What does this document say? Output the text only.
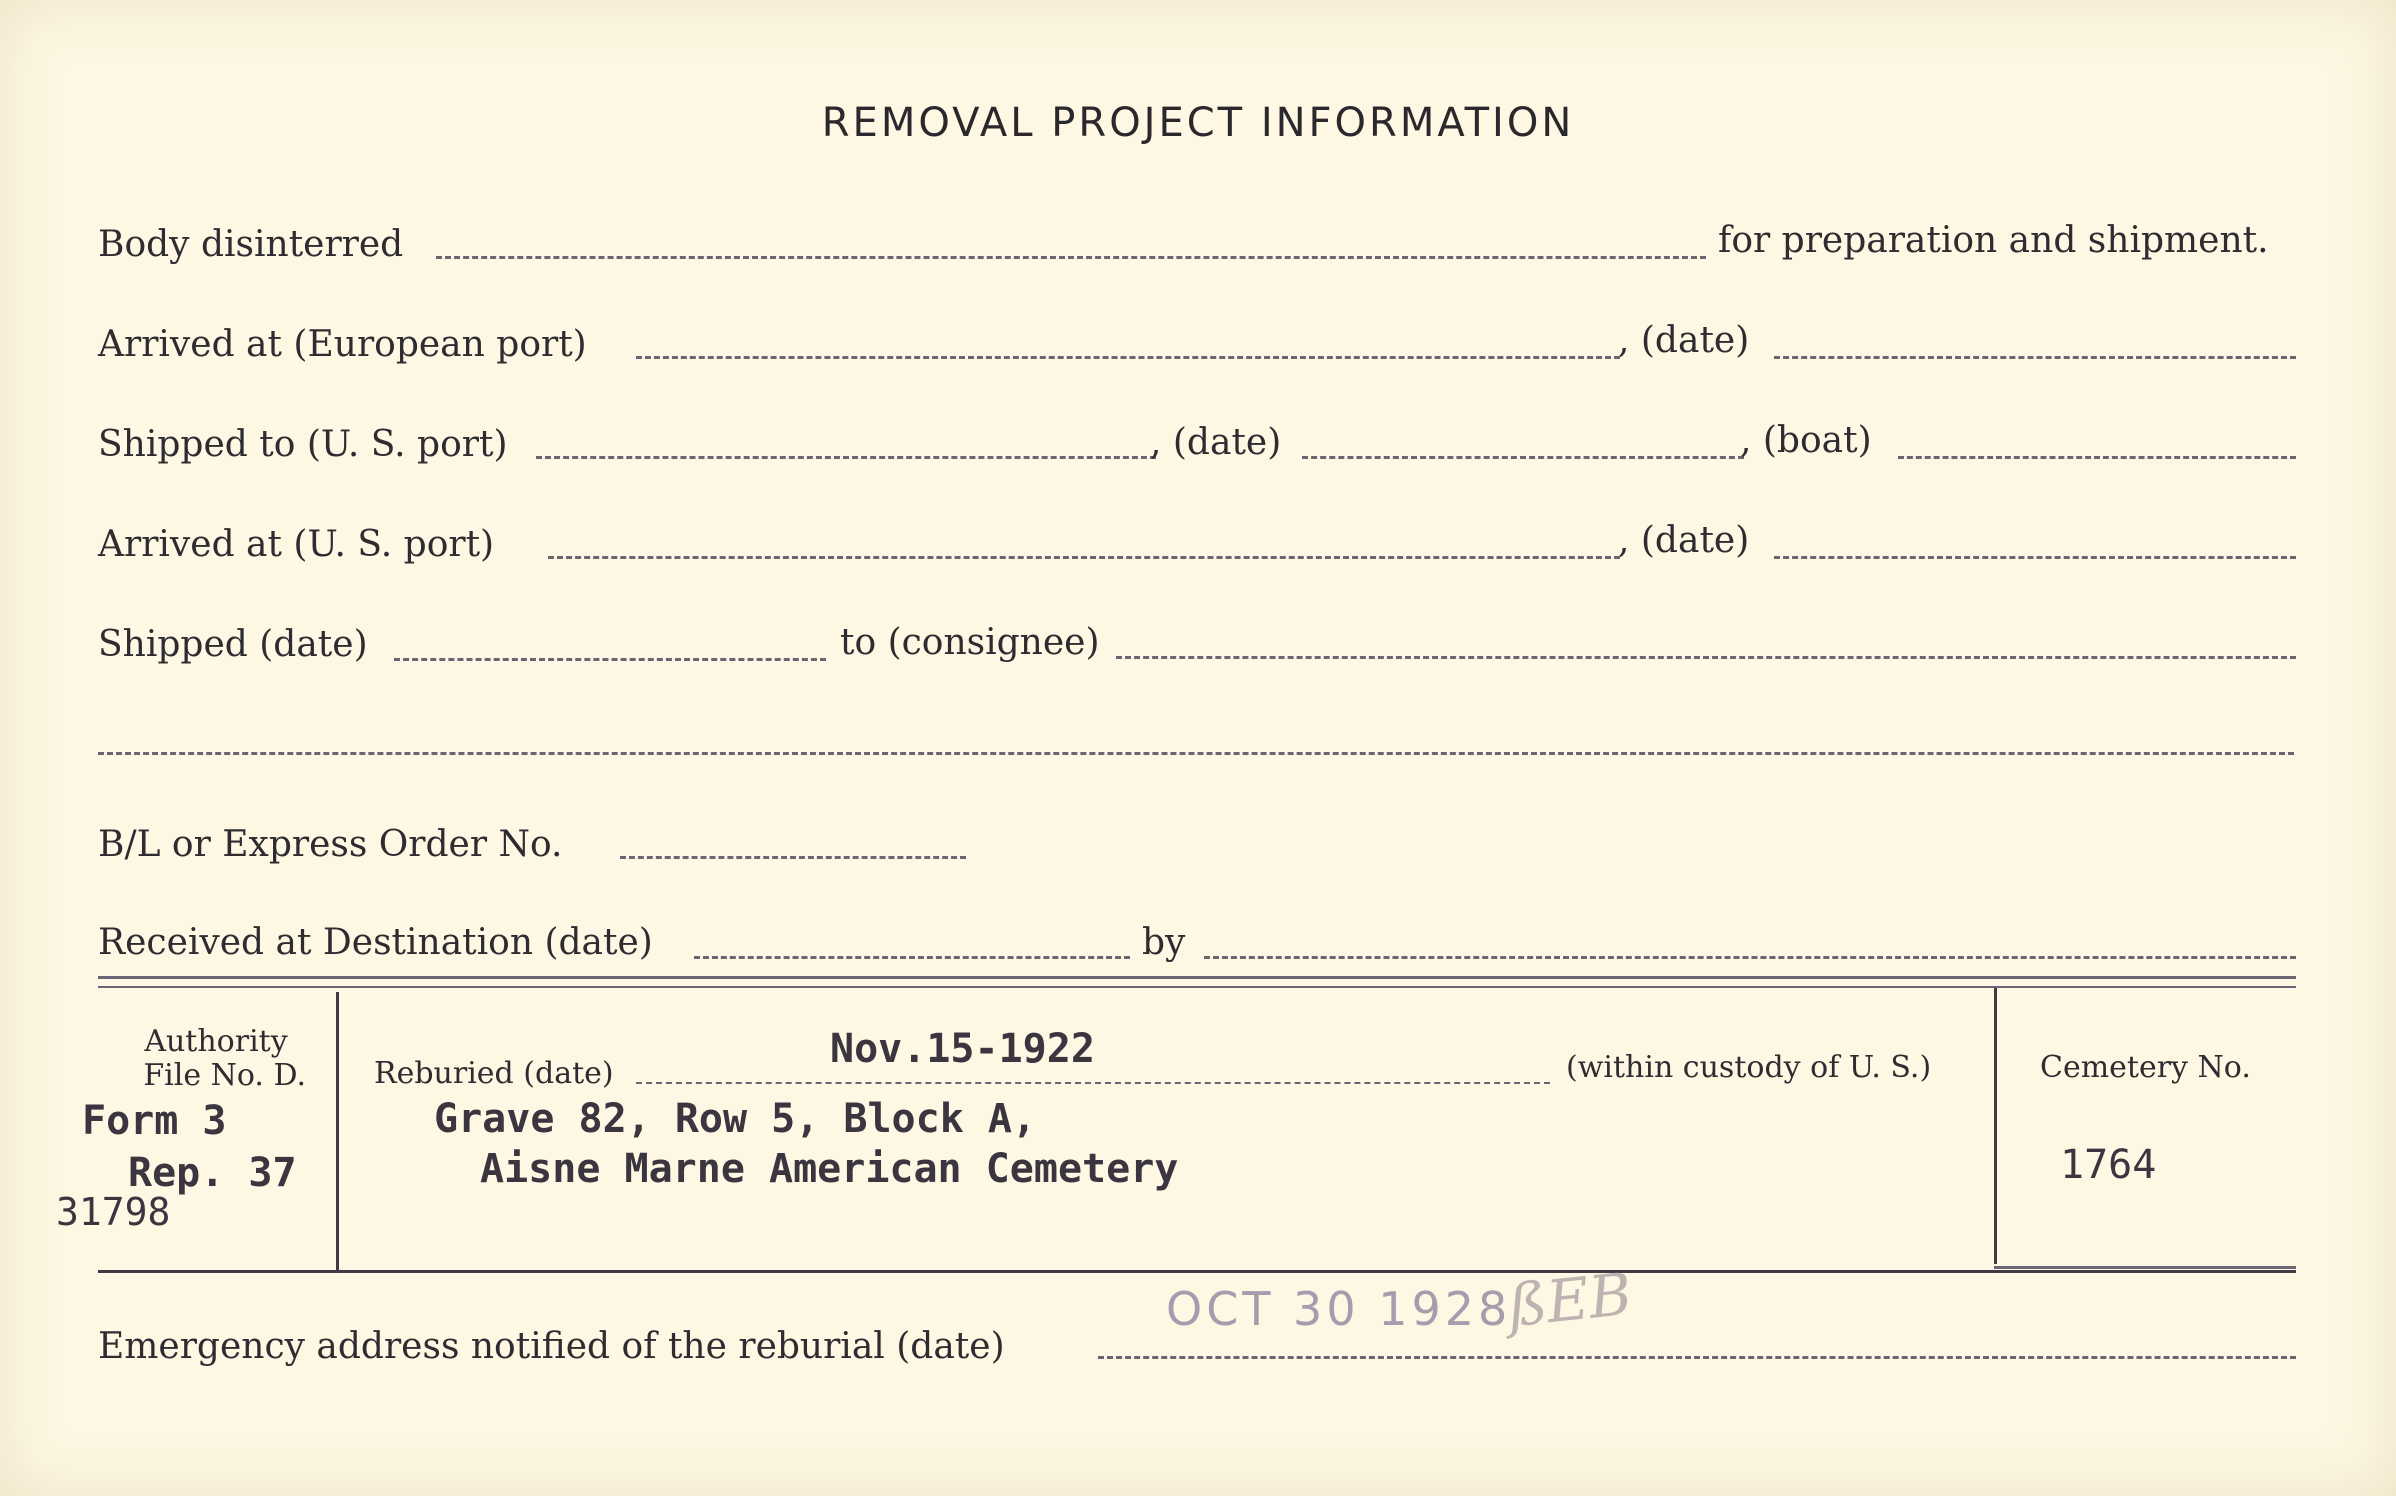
REMOVAL PROJECT INFORMATION
Body disinterred	for preparation and shipment.
Arrived at (European port)	, (date)
Shipped to (U. S. port)	, (date)	, (boat)
Arrived at (U. S. port)	, (date)
Shipped (date)	to (consignee)
B/L or Express Order No.
Received at Destination (date)	by
Authority
File No. D.
Form 3
Rep. 37
31798
Reburied (date)
Nov.15-1922	(within custody of U. S.)
Grave 82, Row 5, Block A,
Aisne Marne American Cemetery
Cemetery No.
1764
Emergency address notified of the reburial (date)
OCT 30 1928
ßEB
